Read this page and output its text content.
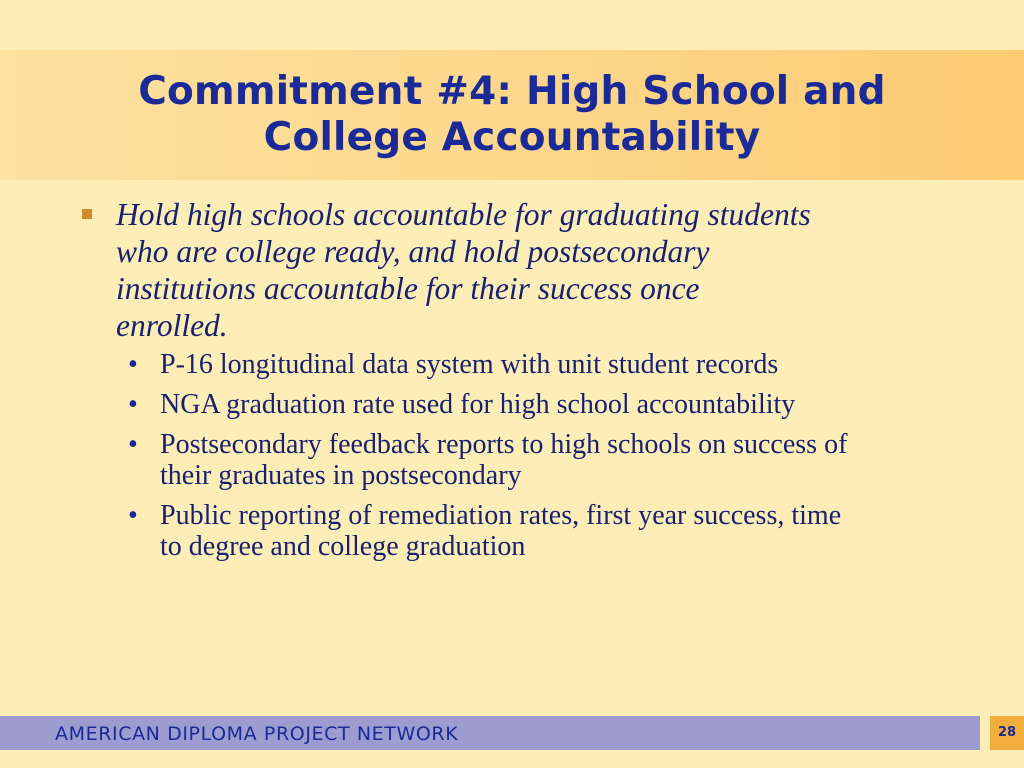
Commitment #4: High School and
College Accountability
Hold high schools accountable for graduating students who are college ready, and hold postsecondary institutions accountable for their success once enrolled.
• P-16 longitudinal data system with unit student records
• NGA graduation rate used for high school accountability
• Postsecondary feedback reports to high schools on success of their graduates in postsecondary
• Public reporting of remediation rates, first year success, time to degree and college graduation
AMERICAN DIPLOMA PROJECT NETWORK	28
